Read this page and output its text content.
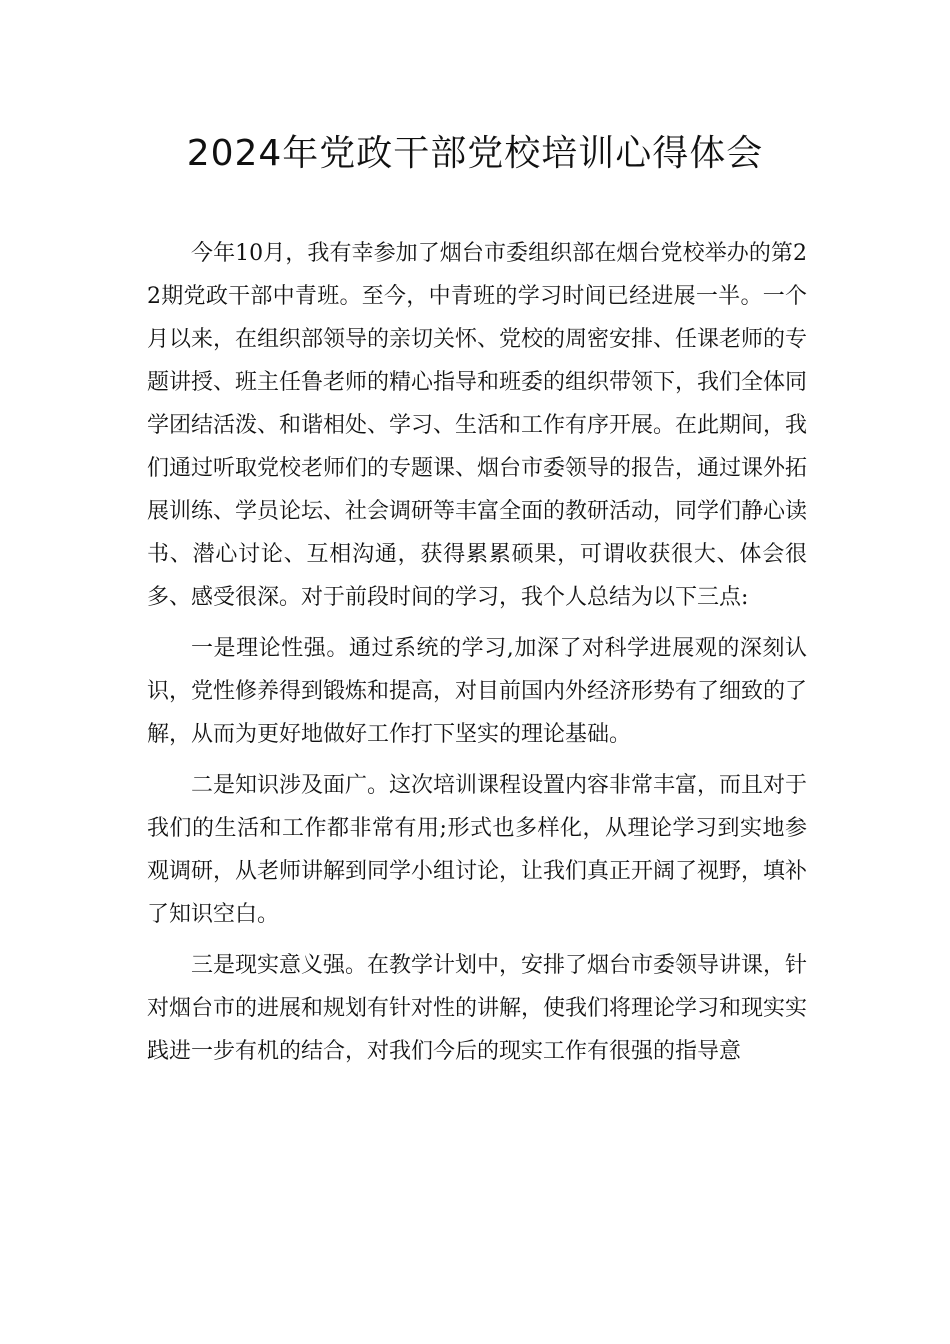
2024年党政干部党校培训心得体会

今年10月，我有幸参加了烟台市委组织部在烟台党校举办的第22期党政干部中青班。至今，中青班的学习时间已经进展一半。一个月以来，在组织部领导的亲切关怀、党校的周密安排、任课老师的专题讲授、班主任鲁老师的精心指导和班委的组织带领下，我们全体同学团结活泼、和谐相处、学习、生活和工作有序开展。在此期间，我们通过听取党校老师们的专题课、烟台市委领导的报告，通过课外拓展训练、学员论坛、社会调研等丰富全面的教研活动，同学们静心读书、潜心讨论、互相沟通，获得累累硕果，可谓收获很大、体会很多、感受很深。对于前段时间的学习，我个人总结为以下三点:

一是理论性强。通过系统的学习,加深了对科学进展观的深刻认识，党性修养得到锻炼和提高，对目前国内外经济形势有了细致的了解，从而为更好地做好工作打下坚实的理论基础。

二是知识涉及面广。这次培训课程设置内容非常丰富，而且对于我们的生活和工作都非常有用;形式也多样化，从理论学习到实地参观调研，从老师讲解到同学小组讨论，让我们真正开阔了视野，填补了知识空白。

三是现实意义强。在教学计划中，安排了烟台市委领导讲课，针对烟台市的进展和规划有针对性的讲解，使我们将理论学习和现实实践进一步有机的结合，对我们今后的现实工作有很强的指导意
